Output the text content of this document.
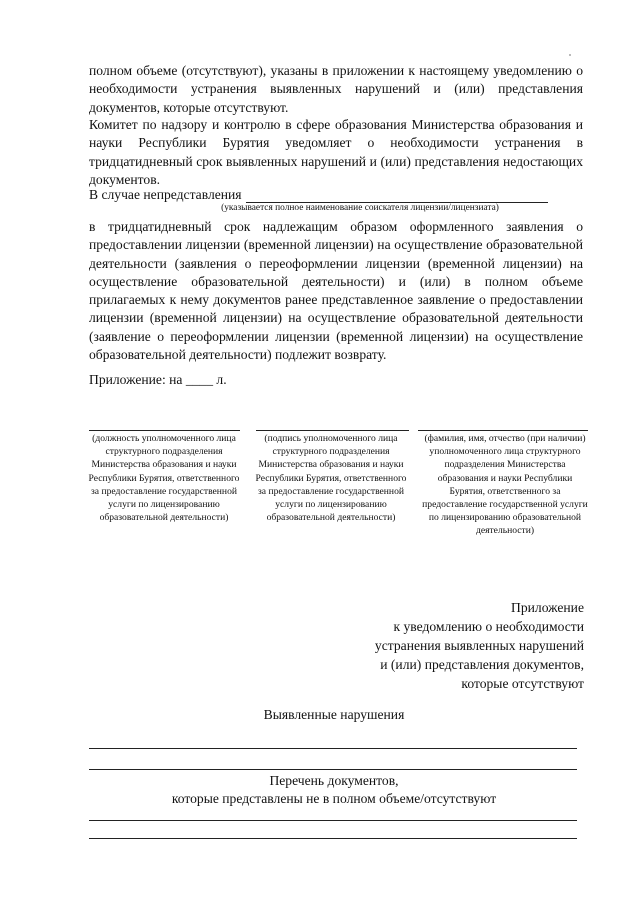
полном объеме (отсутствуют), указаны в приложении к настоящему уведомлению о необходимости устранения выявленных нарушений и (или) представления документов, которые отсутствуют.
Комитет по надзору и контролю в сфере образования Министерства образования и науки Республики Бурятия уведомляет о необходимости устранения в тридцатидневный срок выявленных нарушений и (или) представления недостающих документов.
В случае непредставления
(указывается полное наименование соискателя лицензии/лицензиата)
в тридцатидневный срок надлежащим образом оформленного заявления о предоставлении лицензии (временной лицензии) на осуществление образовательной деятельности (заявления о переоформлении лицензии (временной лицензии) на осуществление образовательной деятельности) и (или) в полном объеме прилагаемых к нему документов ранее представленное заявление о предоставлении лицензии (временной лицензии) на осуществление образовательной деятельности (заявление о переоформлении лицензии (временной лицензии) на осуществление образовательной деятельности) подлежит возврату.
Приложение: на ____ л.
(должность уполномоченного лица структурного подразделения Министерства образования и науки Республики Бурятия, ответственного за предоставление государственной услуги по лицензированию образовательной деятельности)
(подпись уполномоченного лица структурного подразделения Министерства образования и науки Республики Бурятия, ответственного за предоставление государственной услуги по лицензированию образовательной деятельности)
(фамилия, имя, отчество (при наличии) уполномоченного лица структурного подразделения Министерства образования и науки Республики Бурятия, ответственного за предоставление государственной услуги по лицензированию образовательной деятельности)
Приложение
к уведомлению о необходимости
устранения выявленных нарушений
и (или) представления документов,
которые отсутствуют
Выявленные нарушения
Перечень документов,
которые представлены не в полном объеме/отсутствуют
